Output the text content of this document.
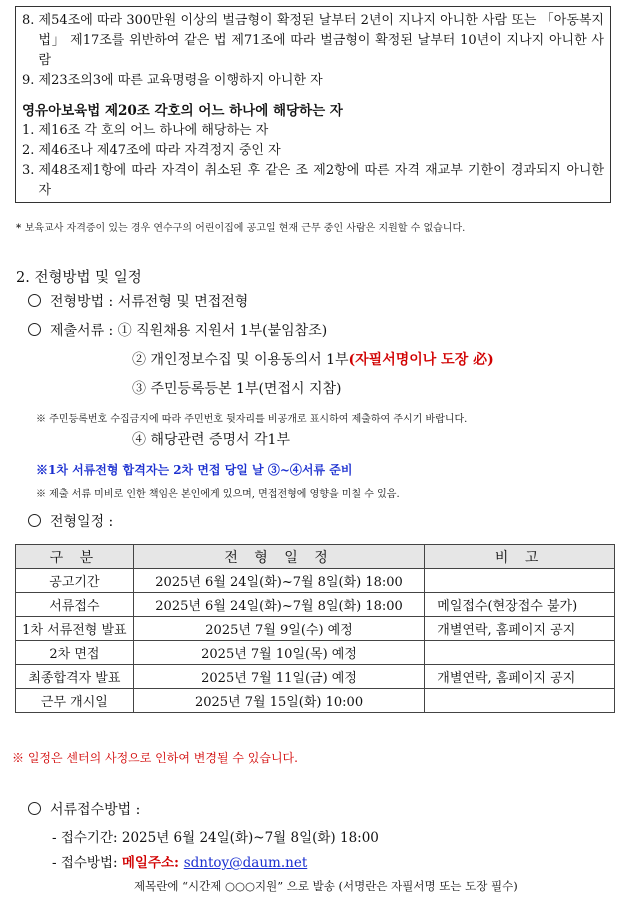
8.
제54조에 따라 300만원 이상의 벌금형이 확정된 날부터 2년이 지나지 아니한 사람 또는 「아동복지법」 제17조를 위반하여 같은 법 제71조에 따라 벌금형이 확정된 날부터 10년이 지나지 아니한 사람
9.
제23조의3에 따른 교육명령을 이행하지 아니한 자
영유아보육법 제20조 각호의 어느 하나에 해당하는 자
1.
제16조 각 호의 어느 하나에 해당하는 자
2.
제46조나 제47조에 따라 자격정지 중인 자
3.
제48조제1항에 따라 자격이 취소된 후 같은 조 제2항에 따른 자격 재교부 기한이 경과되지 아니한 자
* 보육교사 자격증이 있는 경우 연수구의 어린이집에 공고일 현재 근무 중인 사람은 지원할 수 없습니다.
2. 전형방법 및 일정
전형방법 : 서류전형 및 면접전형
제출서류 : ① 직원채용 지원서 1부(붙임참조)
② 개인정보수집 및 이용동의서 1부(자필서명이나 도장 必)
③ 주민등록등본 1부(면접시 지참)
※ 주민등록번호 수집금지에 따라 주민번호 뒷자리를 비공개로 표시하여 제출하여 주시기 바랍니다.
④ 해당관련 증명서 각1부
※1차 서류전형 합격자는 2차 면접 당일 날 ③~④서류 준비
※ 제출 서류 미비로 인한 책임은 본인에게 있으며, 면접전형에 영향을 미칠 수 있음.
전형일정 :
구 분	전 형 일 정	비 고
공고기간	2025년 6월 24일(화)~7월 8일(화) 18:00	
서류접수	2025년 6월 24일(화)~7월 8일(화) 18:00	메일접수(현장접수 불가)
1차 서류전형 발표	2025년 7월 9일(수) 예정	개별연락, 홈페이지 공지
2차 면접	2025년 7월 10일(목) 예정	
최종합격자 발표	2025년 7월 11일(금) 예정	개별연락, 홈페이지 공지
근무 개시일	2025년 7월 15일(화) 10:00	
※ 일정은 센터의 사정으로 인하여 변경될 수 있습니다.
서류접수방법 :
- 접수기간: 2025년 6월 24일(화)~7월 8일(화) 18:00
- 접수방법: 메일주소: sdntoy@daum.net
제목란에 “시간제 ○○○지원” 으로 발송 (서명란은 자필서명 또는 도장 필수)
